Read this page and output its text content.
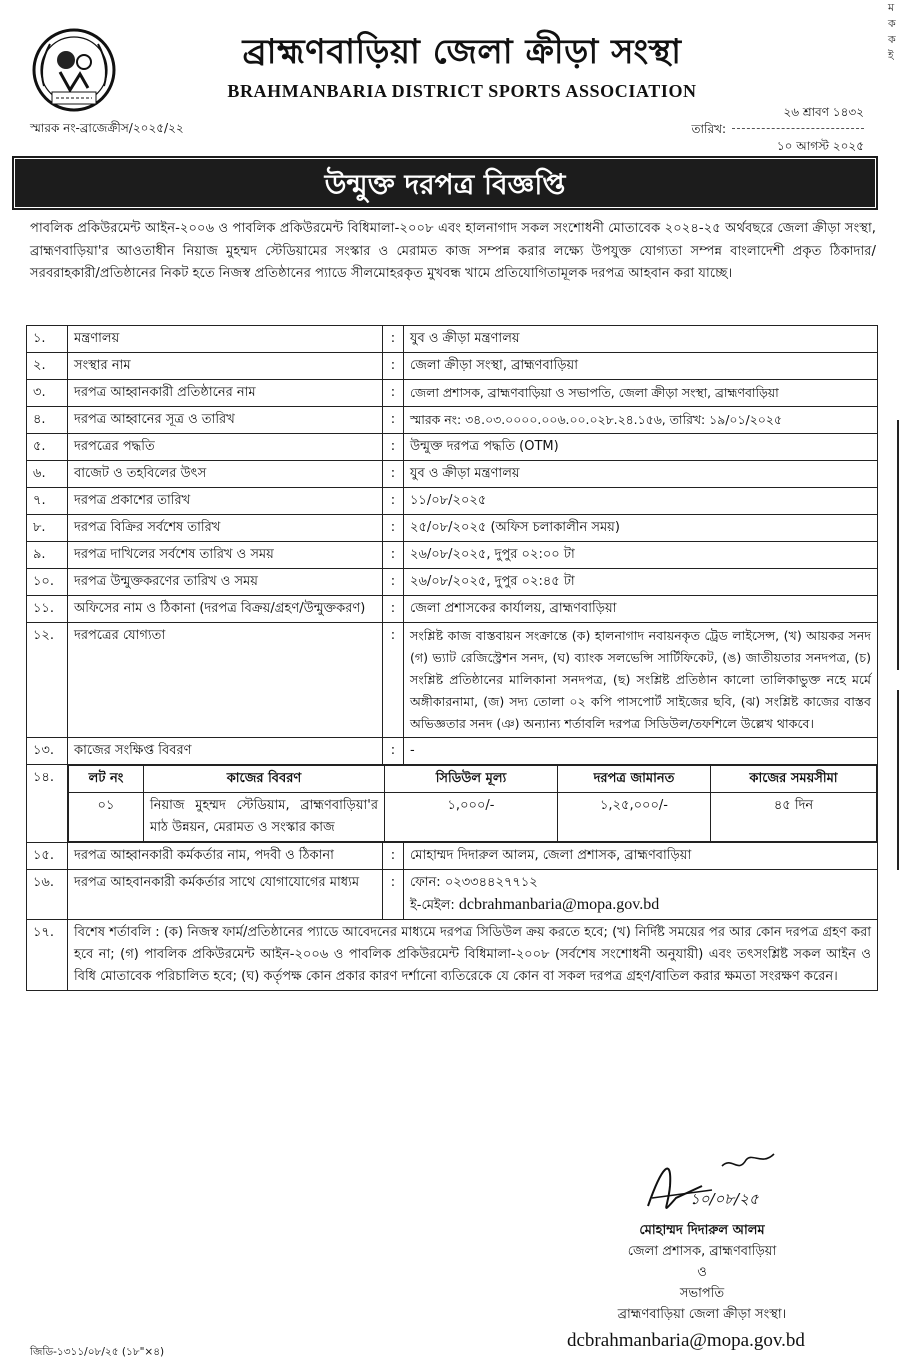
ম
ক
ক
ই
ব্রাহ্মণবাড়িয়া জেলা ক্রীড়া সংস্থা
BRAHMANBARIA DISTRICT SPORTS ASSOCIATION
স্মারক নং-ব্রাজেক্রীস/২০২৫/২২
২৬ শ্রাবণ ১৪৩২
তারিখ:
১০ আগস্ট ২০২৫
উন্মুক্ত দরপত্র বিজ্ঞপ্তি
পাবলিক প্রকিউরমেন্ট আইন-২০০৬ ও পাবলিক প্রকিউরমেন্ট বিধিমালা-২০০৮ এবং হালনাগাদ সকল সংশোধনী মোতাবেক ২০২৪-২৫ অর্থবছরে জেলা ক্রীড়া সংস্থা, ব্রাহ্মণবাড়িয়া'র আওতাধীন নিয়াজ মুহম্মদ স্টেডিয়ামের সংস্কার ও মেরামত কাজ সম্পন্ন করার লক্ষ্যে উপযুক্ত যোগ্যতা সম্পন্ন বাংলাদেশী প্রকৃত ঠিকাদার/সরবরাহকারী/প্রতিষ্ঠানের নিকট হতে নিজস্ব প্রতিষ্ঠানের প্যাডে সীলমোহরকৃত মুখবন্ধ খামে প্রতিযোগিতামূলক দরপত্র আহবান করা যাচ্ছে।
১.	মন্ত্রণালয়	:	যুব ও ক্রীড়া মন্ত্রণালয়
২.	সংস্থার নাম	:	জেলা ক্রীড়া সংস্থা, ব্রাহ্মণবাড়িয়া
৩.	দরপত্র আহ্বানকারী প্রতিষ্ঠানের নাম	:	জেলা প্রশাসক, ব্রাহ্মণবাড়িয়া ও সভাপতি, জেলা ক্রীড়া সংস্থা, ব্রাহ্মণবাড়িয়া
৪.	দরপত্র আহ্বানের সূত্র ও তারিখ	:	স্মারক নং: ৩৪.০৩.০০০০.০০৬.০০.০২৮.২৪.১৫৬, তারিখ: ১৯/০১/২০২৫
৫.	দরপত্রের পদ্ধতি	:	উন্মুক্ত দরপত্র পদ্ধতি (OTM)
৬.	বাজেট ও তহবিলের উৎস	:	যুব ও ক্রীড়া মন্ত্রণালয়
৭.	দরপত্র প্রকাশের তারিখ	:	১১/০৮/২০২৫
৮.	দরপত্র বিক্রির সর্বশেষ তারিখ	:	২৫/০৮/২০২৫ (অফিস চলাকালীন সময়)
৯.	দরপত্র দাখিলের সর্বশেষ তারিখ ও সময়	:	২৬/০৮/২০২৫, দুপুর ০২:০০ টা
১০.	দরপত্র উন্মুক্তকরণের তারিখ ও সময়	:	২৬/০৮/২০২৫, দুপুর ০২:৪৫ টা
১১.	অফিসের নাম ও ঠিকানা (দরপত্র বিক্রয়/গ্রহণ/উন্মুক্তকরণ)	:	জেলা প্রশাসকের কার্যালয়, ব্রাহ্মণবাড়িয়া
১২.	দরপত্রের যোগ্যতা	:	সংশ্লিষ্ট কাজ বাস্তবায়ন সংক্রান্তে (ক) হালনাগাদ নবায়নকৃত ট্রেড লাইসেন্স, (খ) আয়কর সনদ (গ) ভ্যাট রেজিস্ট্রেশন সনদ, (ঘ) ব্যাংক সলভেন্সি সার্টিফিকেট, (ঙ) জাতীয়তার সনদপত্র, (চ) সংশ্লিষ্ট প্রতিষ্ঠানের মালিকানা সনদপত্র, (ছ) সংশ্লিষ্ট প্রতিষ্ঠান কালো তালিকাভুক্ত নহে মর্মে অঙ্গীকারনামা, (জ) সদ্য তোলা ০২ কপি পাসপোর্ট সাইজের ছবি, (ঝ) সংশ্লিষ্ট কাজের বাস্তব অভিজ্ঞতার সনদ (ঞ) অন্যান্য শর্তাবলি দরপত্র সিডিউল/তফশিলে উল্লেখ থাকবে।
১৩.	কাজের সংক্ষিপ্ত বিবরণ	:	-
১৪.		লট নং	কাজের বিবরণ	সিডিউল মূল্য	দরপত্র জামানত	কাজের সময়সীমা
০১	নিয়াজ মুহম্মদ স্টেডিয়াম, ব্রাহ্মণবাড়িয়া'র মাঠ উন্নয়ন, মেরামত ও সংস্কার কাজ	১,০০০/-	১,২৫,০০০/-	৪৫ দিন

১৫.	দরপত্র আহ্বানকারী কর্মকর্তার নাম, পদবী ও ঠিকানা	:	মোহাম্মদ দিদারুল আলম, জেলা প্রশাসক, ব্রাহ্মণবাড়িয়া
১৬.	দরপত্র আহবানকারী কর্মকর্তার সাথে যোগাযোগের মাধ্যম	:	ফোন: ০২৩৩৪৪২৭৭১২
ই-মেইল: dcbrahmanbaria@mopa.gov.bd

১৭.	বিশেষ শর্তাবলি : (ক) নিজস্ব ফার্ম/প্রতিষ্ঠানের প্যাডে আবেদনের মাধ্যমে দরপত্র সিডিউল ক্রয় করতে হবে; (খ) নির্দিষ্ট সময়ের পর আর কোন দরপত্র গ্রহণ করা হবে না; (গ) পাবলিক প্রকিউরমেন্ট আইন-২০০৬ ও পাবলিক প্রকিউরমেন্ট বিধিমালা-২০০৮ (সর্বশেষ সংশোধনী অনুযায়ী) এবং তৎসংশ্লিষ্ট সকল আইন ও বিধি মোতাবেক পরিচালিত হবে; (ঘ) কর্তৃপক্ষ কোন প্রকার কারণ দর্শানো ব্যতিরেকে যে কোন বা সকল দরপত্র গ্রহণ/বাতিল করার ক্ষমতা সংরক্ষণ করেন।
১০/০৮/২৫
মোহাম্মদ দিদারুল আলম
জেলা প্রশাসক, ব্রাহ্মণবাড়িয়া
ও
সভাপতি
ব্রাহ্মণবাড়িয়া জেলা ক্রীড়া সংস্থা।
dcbrahmanbaria@mopa.gov.bd
জিডি-১৩১১/০৮/২৫ (১৮"×৪)
